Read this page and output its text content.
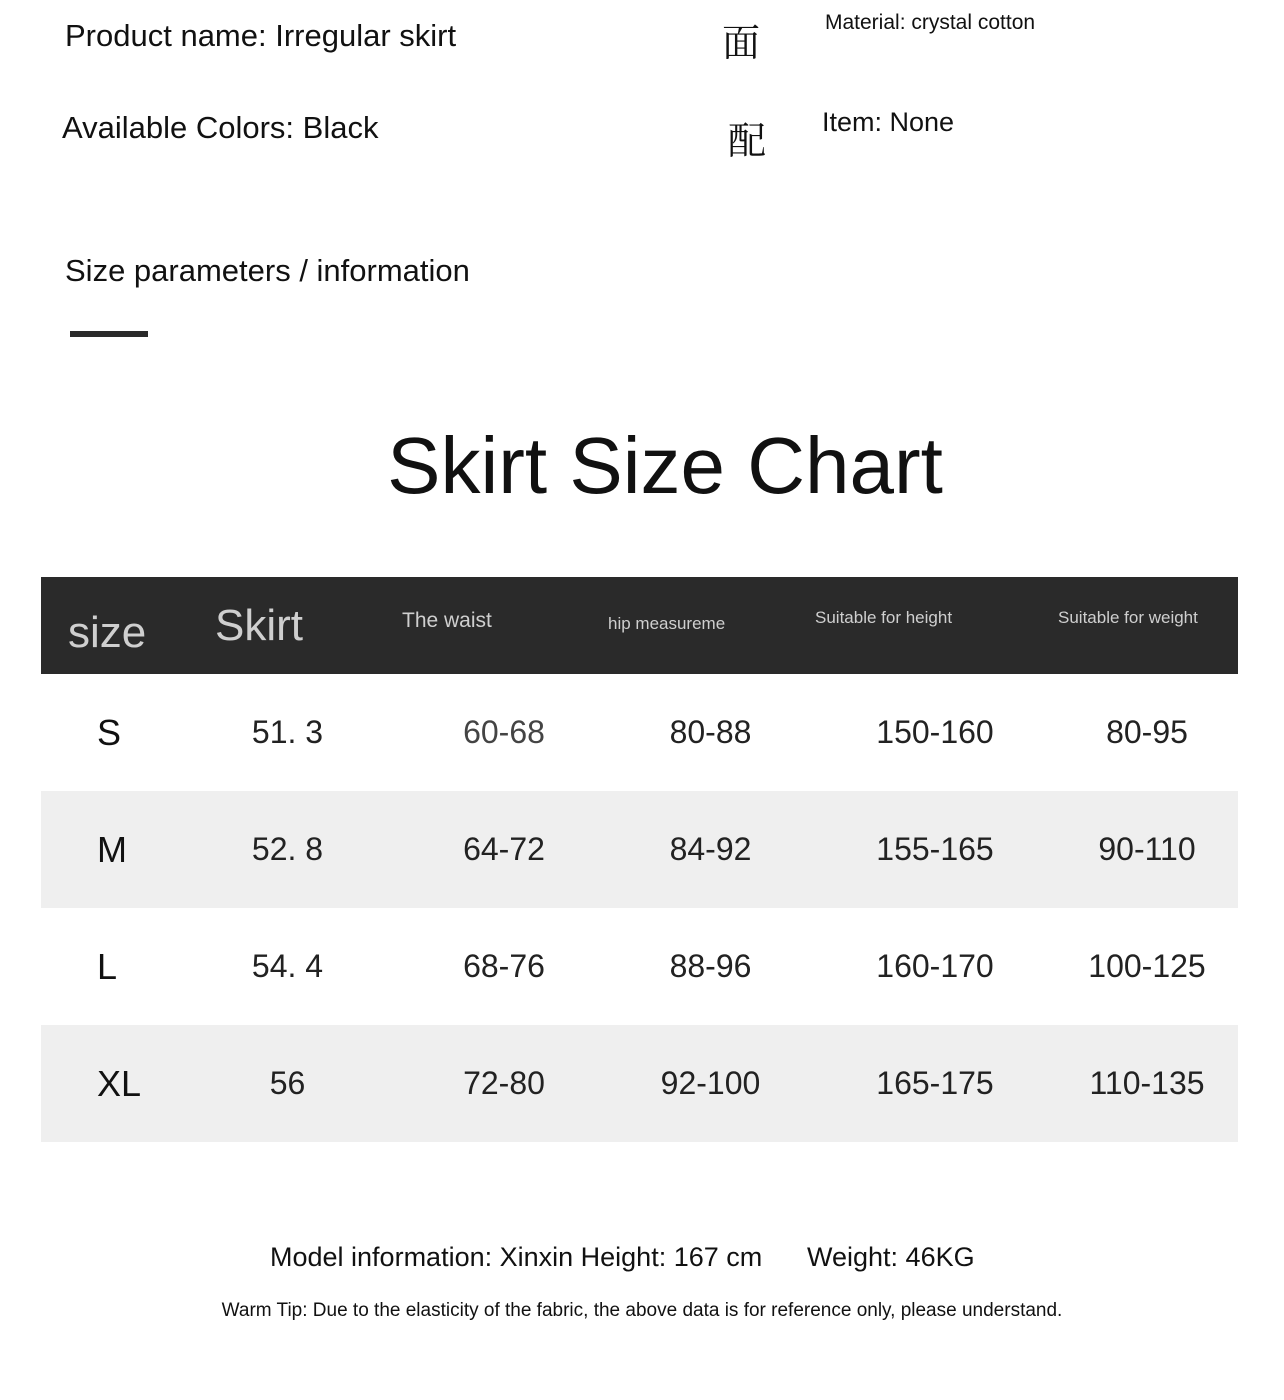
Product name: Irregular skirt
Available Colors: Black
面
配
Material: crystal cotton
Item: None
Size parameters / information
Skirt Size Chart
size	Skirt	The waist	hip measureme	Suitable for height	Suitable for weight
S	51. 3	60-68	80-88	150-160	80-95
M	52. 8	64-72	84-92	155-165	90-110
L	54. 4	68-76	88-96	160-170	100-125
XL	56	72-80	92-100	165-175	110-135
Model information: Xinxin Height: 167 cm Weight: 46KG
Warm Tip: Due to the elasticity of the fabric, the above data is for reference only, please understand.
